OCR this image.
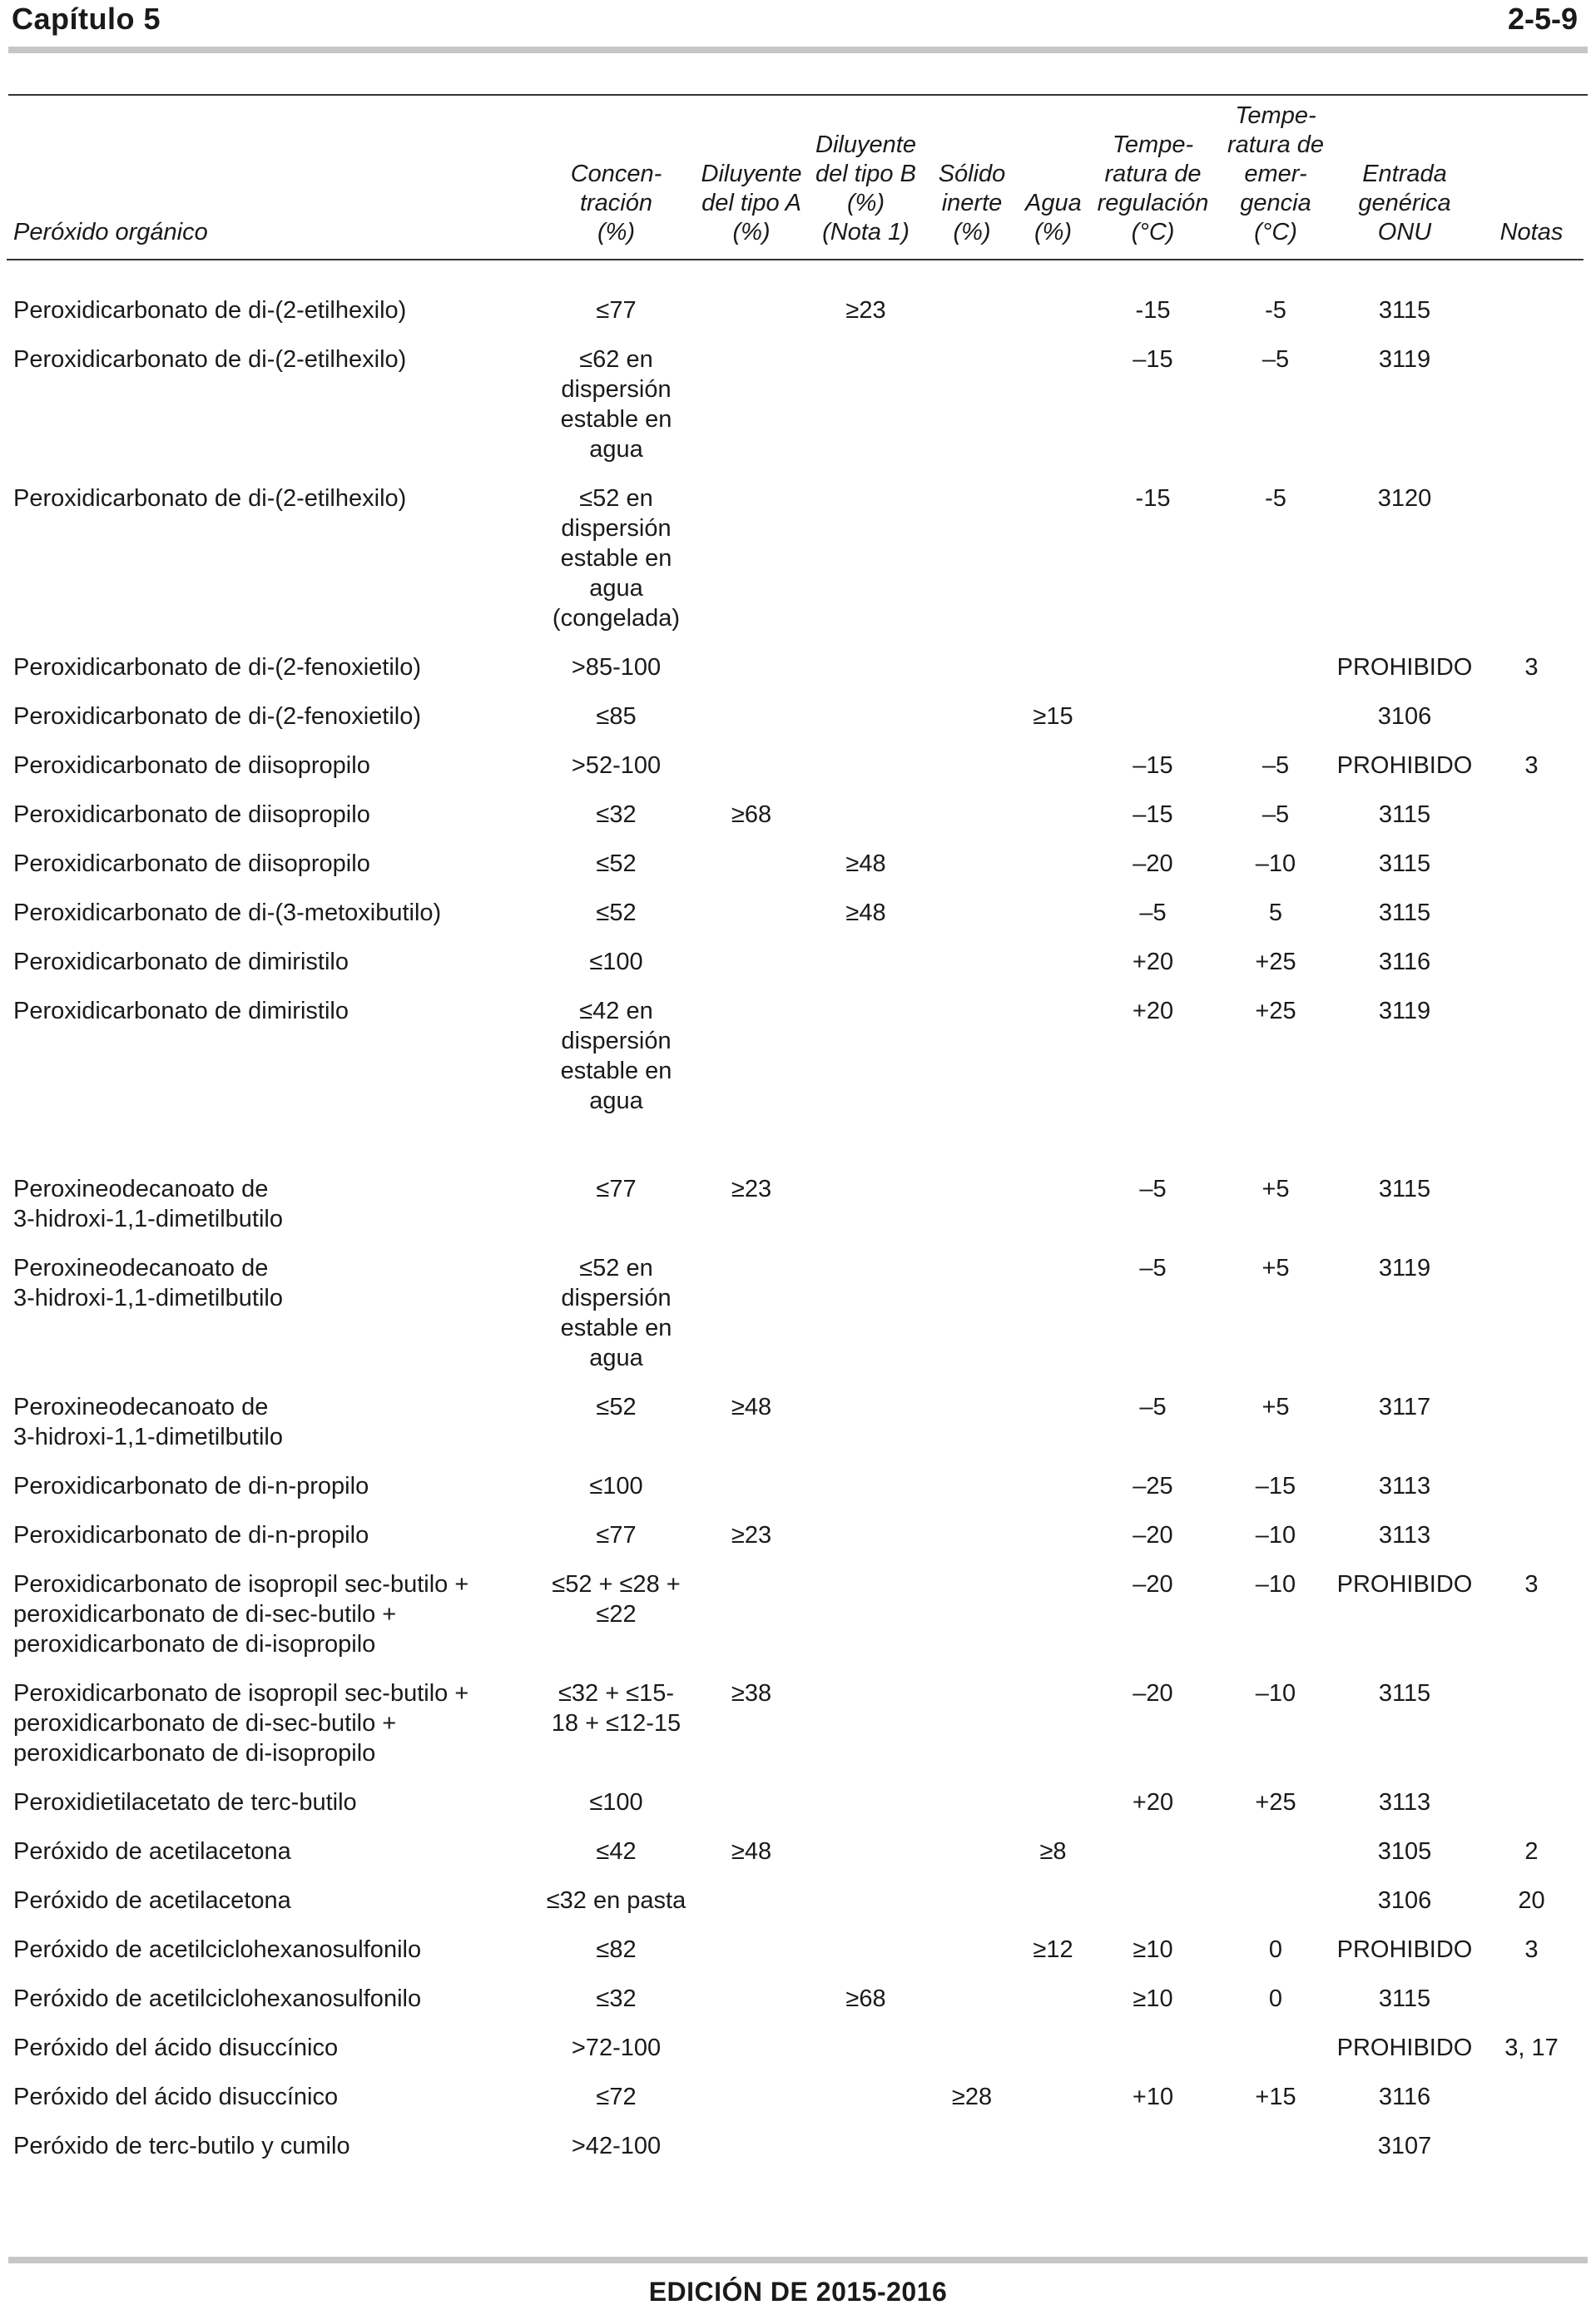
Capítulo 5	2-5-9
Peróxido orgánico	Concen-
tración
(%)	Diluyente
del tipo A
(%)	Diluyente
del tipo B
(%)
(Nota 1)	Sólido
inerte
(%)	Agua
(%)	Tempe-
ratura de
regulación
(°C)	Tempe-
ratura de
emer-
gencia
(°C)	Entrada
genérica
ONU	Notas
Peroxidicarbonato de di-(2-etilhexilo)	≤77		≥23			-15	-5	3115	
Peroxidicarbonato de di-(2-etilhexilo)	≤62 en
dispersión
estable en
agua					–15	–5	3119	
Peroxidicarbonato de di-(2-etilhexilo)	≤52 en
dispersión
estable en
agua
(congelada)					-15	-5	3120	
Peroxidicarbonato de di-(2-fenoxietilo)	>85-100							PROHIBIDO	3
Peroxidicarbonato de di-(2-fenoxietilo)	≤85				≥15			3106	
Peroxidicarbonato de diisopropilo	>52-100					–15	–5	PROHIBIDO	3
Peroxidicarbonato de diisopropilo	≤32	≥68				–15	–5	3115	
Peroxidicarbonato de diisopropilo	≤52		≥48			–20	–10	3115	
Peroxidicarbonato de di-(3-metoxibutilo)	≤52		≥48			–5	5	3115	
Peroxidicarbonato de dimiristilo	≤100					+20	+25	3116	
Peroxidicarbonato de dimiristilo	≤42 en
dispersión
estable en
agua					+20	+25	3119	
Peroxineodecanoato de
3-hidroxi-1,1-dimetilbutilo	≤77	≥23				–5	+5	3115	
Peroxineodecanoato de
3-hidroxi-1,1-dimetilbutilo	≤52 en
dispersión
estable en
agua					–5	+5	3119	
Peroxineodecanoato de
3-hidroxi-1,1-dimetilbutilo	≤52	≥48				–5	+5	3117	
Peroxidicarbonato de di-n-propilo	≤100					–25	–15	3113	
Peroxidicarbonato de di-n-propilo	≤77	≥23				–20	–10	3113	
Peroxidicarbonato de isopropil sec-butilo +
peroxidicarbonato de di-sec-butilo +
peroxidicarbonato de di-isopropilo	≤52 + ≤28 +
≤22					–20	–10	PROHIBIDO	3
Peroxidicarbonato de isopropil sec-butilo +
peroxidicarbonato de di-sec-butilo +
peroxidicarbonato de di-isopropilo	≤32 + ≤15-
18 + ≤12-15	≥38				–20	–10	3115	
Peroxidietilacetato de terc-butilo	≤100					+20	+25	3113	
Peróxido de acetilacetona	≤42	≥48			≥8			3105	2
Peróxido de acetilacetona	≤32 en pasta							3106	20
Peróxido de acetilciclohexanosulfonilo	≤82				≥12	≥10	0	PROHIBIDO	3
Peróxido de acetilciclohexanosulfonilo	≤32		≥68			≥10	0	3115	
Peróxido del ácido disuccínico	>72-100							PROHIBIDO	3, 17
Peróxido del ácido disuccínico	≤72			≥28		+10	+15	3116	
Peróxido de terc-butilo y cumilo	>42-100							3107	
EDICIÓN DE 2015-2016
